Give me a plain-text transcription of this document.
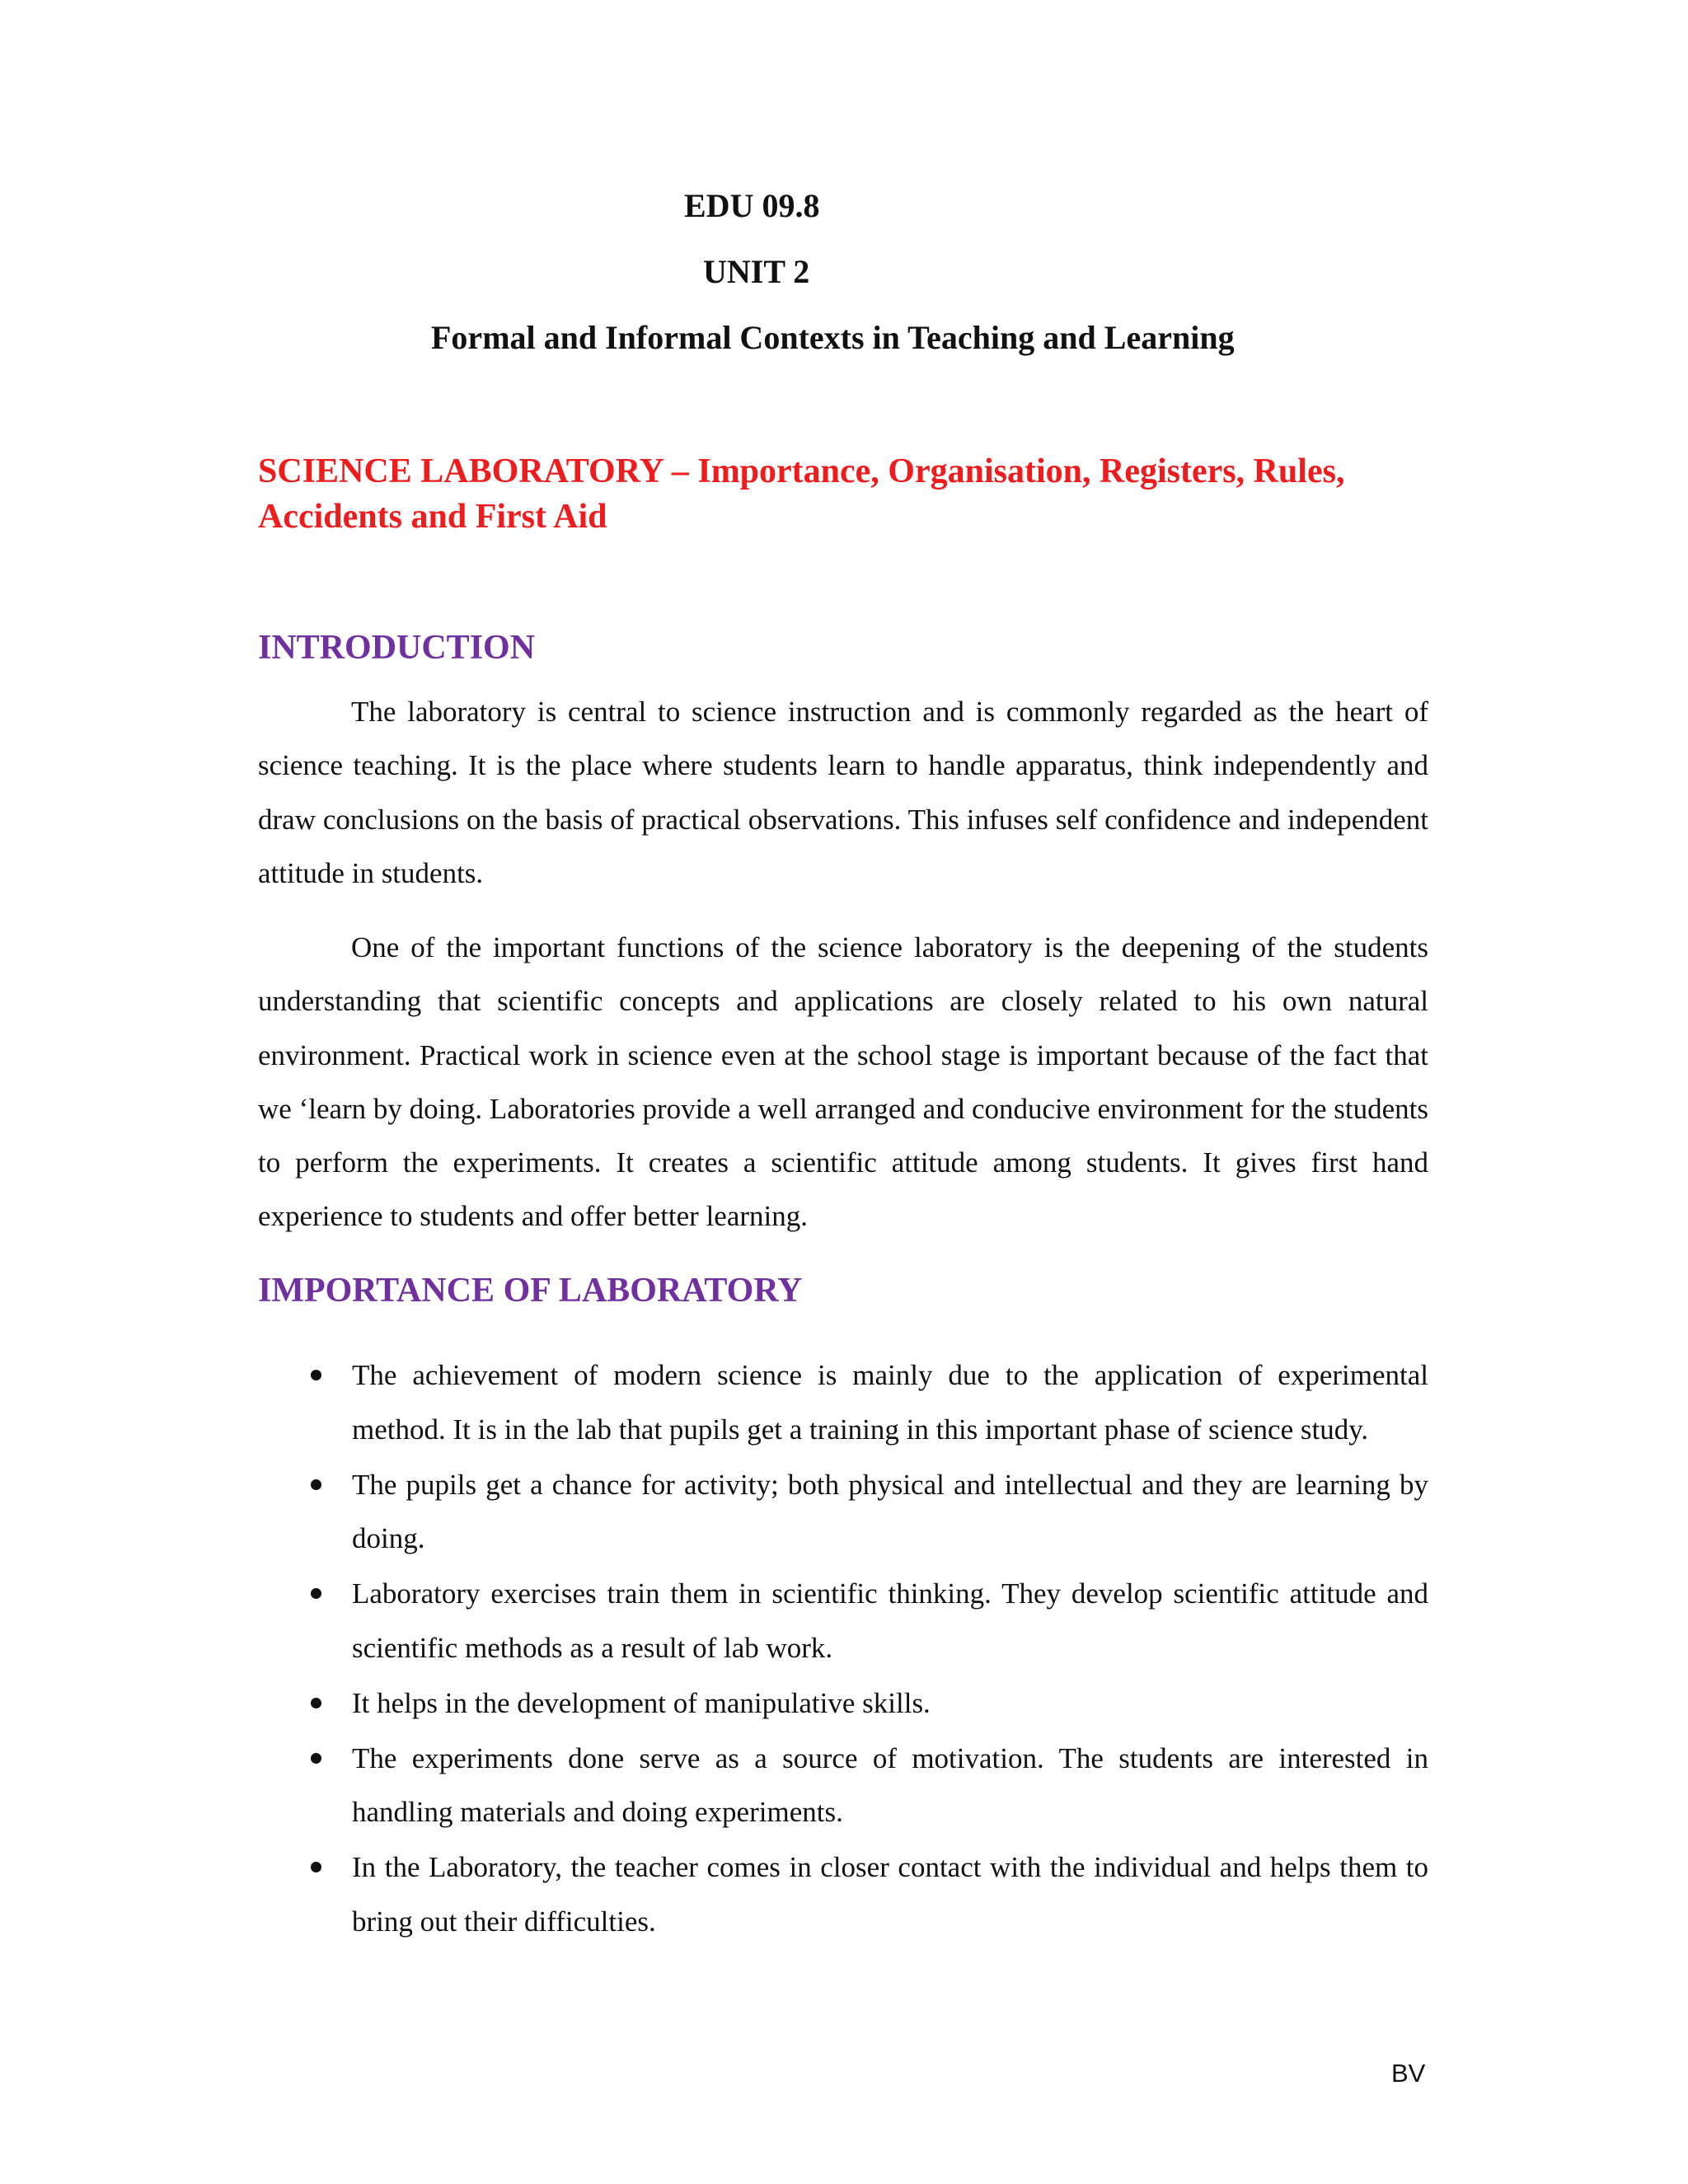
EDU 09.8
UNIT 2
Formal and Informal Contexts in Teaching and Learning
SCIENCE LABORATORY – Importance, Organisation, Registers, Rules, Accidents and First Aid
INTRODUCTION

The laboratory is central to science instruction and is commonly regarded as the heart of science teaching. It is the place where students learn to handle apparatus, think independently and draw conclusions on the basis of practical observations. This infuses self confidence and independent attitude in students.

One of the important functions of the science laboratory is the deepening of the students understanding that scientific concepts and applications are closely related to his own natural environment. Practical work in science even at the school stage is important because of the fact that we ‘learn by doing. Laboratories provide a well arranged and conducive environment for the students to perform the experiments. It creates a scientific attitude among students. It gives first hand experience to students and offer better learning.

IMPORTANCE OF LABORATORY
The achievement of modern science is mainly due to the application of experimental method. It is in the lab that pupils get a training in this important phase of science study.
The pupils get a chance for activity; both physical and intellectual and they are learning by doing.
Laboratory exercises train them in scientific thinking. They develop scientific attitude and scientific methods as a result of lab work.
It helps in the development of manipulative skills.
The experiments done serve as a source of motivation. The students are interested in handling materials and doing experiments.
In the Laboratory, the teacher comes in closer contact with the individual and helps them to bring out their difficulties.
BV
